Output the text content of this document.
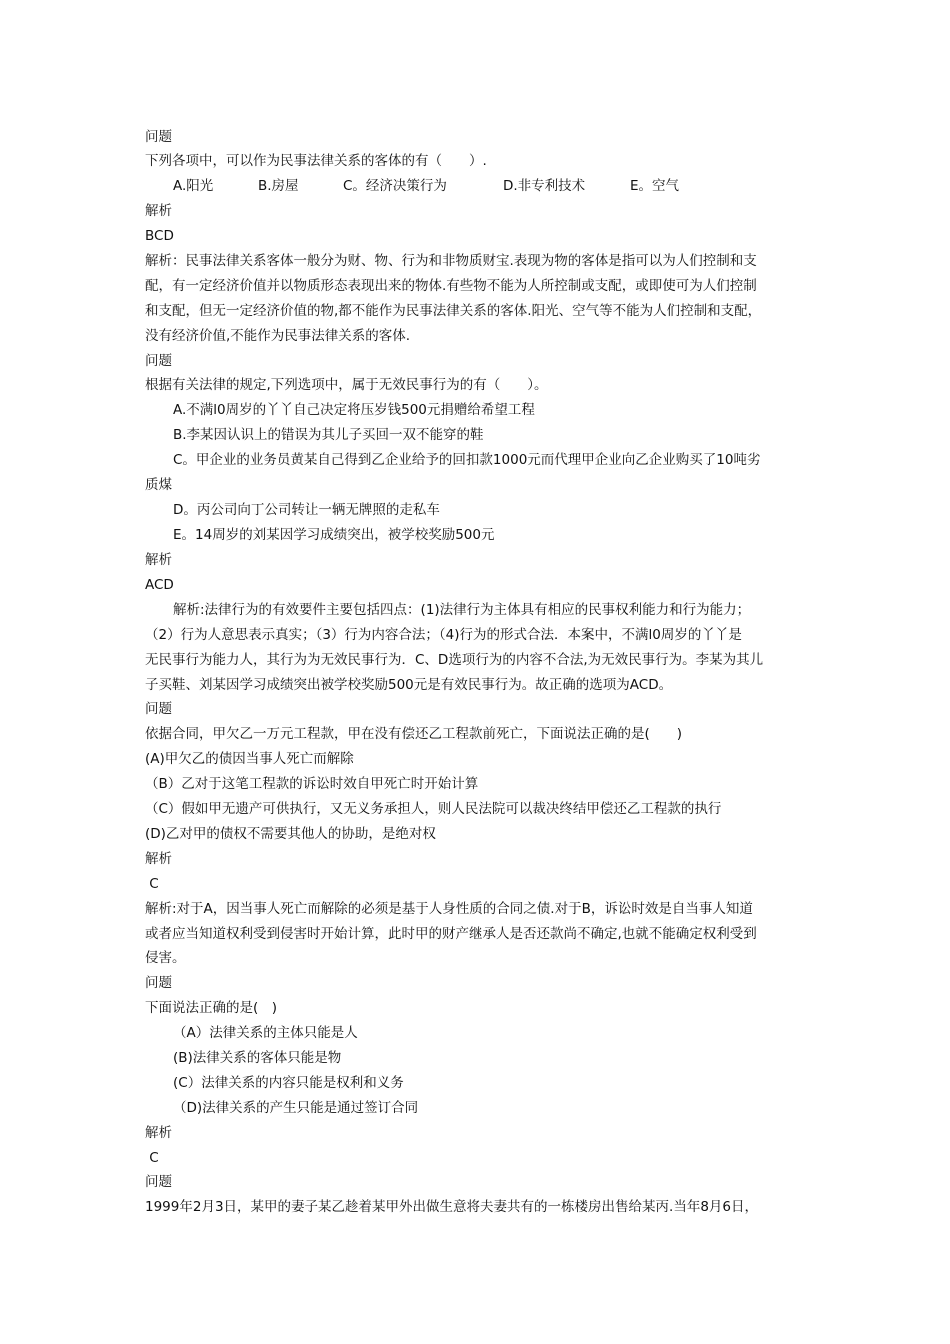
问题
下列各项中，可以作为民事法律关系的客体的有（　　）.

A.阳光

	B.房屋

	C。经济决策行为

	D.非专利技术

	E。空气

解析
BCD
解析：民事法律关系客体一般分为财、物、行为和非物质财宝.表现为物的客体是指可以为人们控制和支
配，有一定经济价值并以物质形态表现出来的物体.有些物不能为人所控制或支配，或即使可为人们控制
和支配，但无一定经济价值的物,都不能作为民事法律关系的客体.阳光、空气等不能为人们控制和支配，
没有经济价值,不能作为民事法律关系的客体.
问题
根据有关法律的规定,下列选项中，属于无效民事行为的有（　　）。
A.不满l0周岁的丫丫自己决定将压岁钱500元捐赠给希望工程
B.李某因认识上的错误为其儿子买回一双不能穿的鞋
C。甲企业的业务员黄某自己得到乙企业给予的回扣款1000元而代理甲企业向乙企业购买了10吨劣
质煤
D。丙公司向丁公司转让一辆无牌照的走私车
E。14周岁的刘某因学习成绩突出，被学校奖励500元
解析
ACD
解析:法律行为的有效要件主要包括四点：(1)法律行为主体具有相应的民事权利能力和行为能力；
（2）行为人意思表示真实；（3）行为内容合法；（4)行为的形式合法．本案中，不满l0周岁的丫丫是
无民事行为能力人，其行为为无效民事行为．C、D选项行为的内容不合法,为无效民事行为。李某为其儿
子买鞋、刘某因学习成绩突出被学校奖励500元是有效民事行为。故正确的选项为ACD。
问题
依据合同，甲欠乙一万元工程款，甲在没有偿还乙工程款前死亡，下面说法正确的是(　　)
(A)甲欠乙的债因当事人死亡而解除
（B）乙对于这笔工程款的诉讼时效自甲死亡时开始计算
（C）假如甲无遗产可供执行，又无义务承担人，则人民法院可以裁决终结甲偿还乙工程款的执行
(D)乙对甲的债权不需要其他人的协助，是绝对权
解析
C
解析:对于A，因当事人死亡而解除的必须是基于人身性质的合同之债.对于B，诉讼时效是自当事人知道
或者应当知道权利受到侵害时开始计算，此时甲的财产继承人是否还款尚不确定,也就不能确定权利受到
侵害。
问题
下面说法正确的是(　)
（A）法律关系的主体只能是人
(B)法律关系的客体只能是物
(C）法律关系的内容只能是权利和义务
（D)法律关系的产生只能是通过签订合同
解析
C
问题
1999年2月3日，某甲的妻子某乙趁着某甲外出做生意将夫妻共有的一栋楼房出售给某丙.当年8月6日，
